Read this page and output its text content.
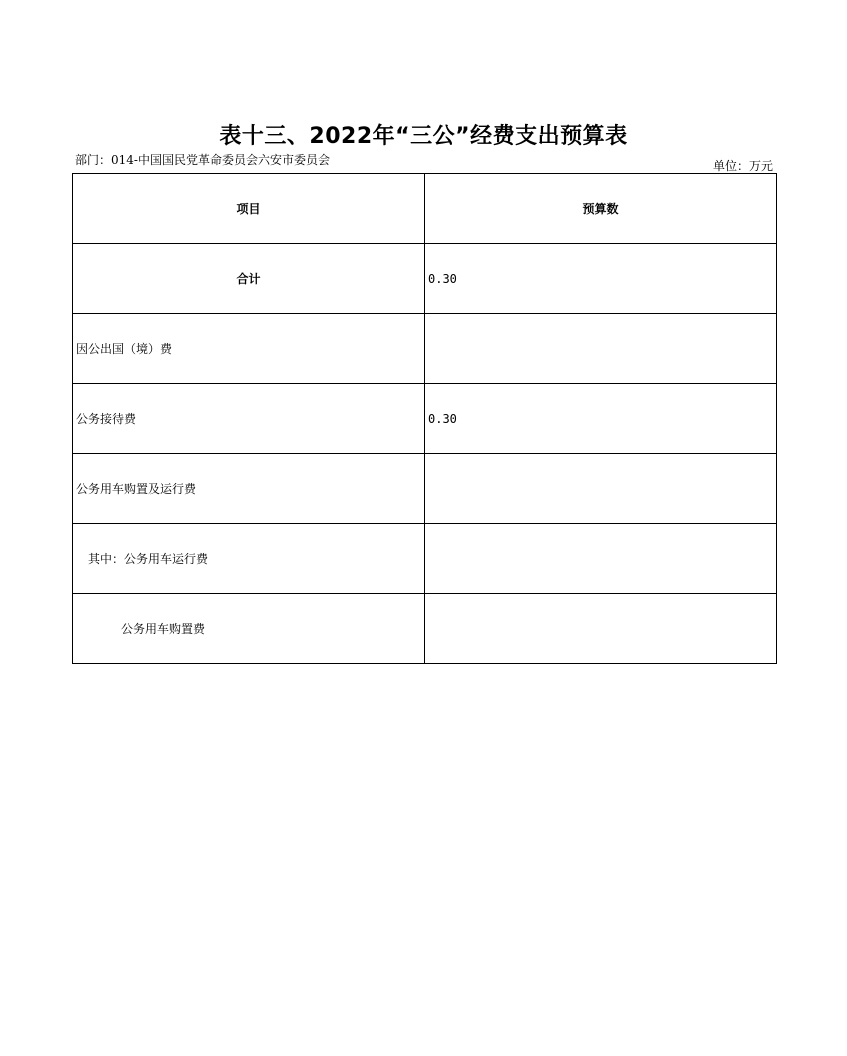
表十三、2022年“三公”经费支出预算表
部门：014-中国国民党革命委员会六安市委员会	单位：万元
项目	预算数
合计	0.30
因公出国（境）费	
公务接待费	0.30
公务用车购置及运行费	
其中：公务用车运行费	
公务用车购置费	
